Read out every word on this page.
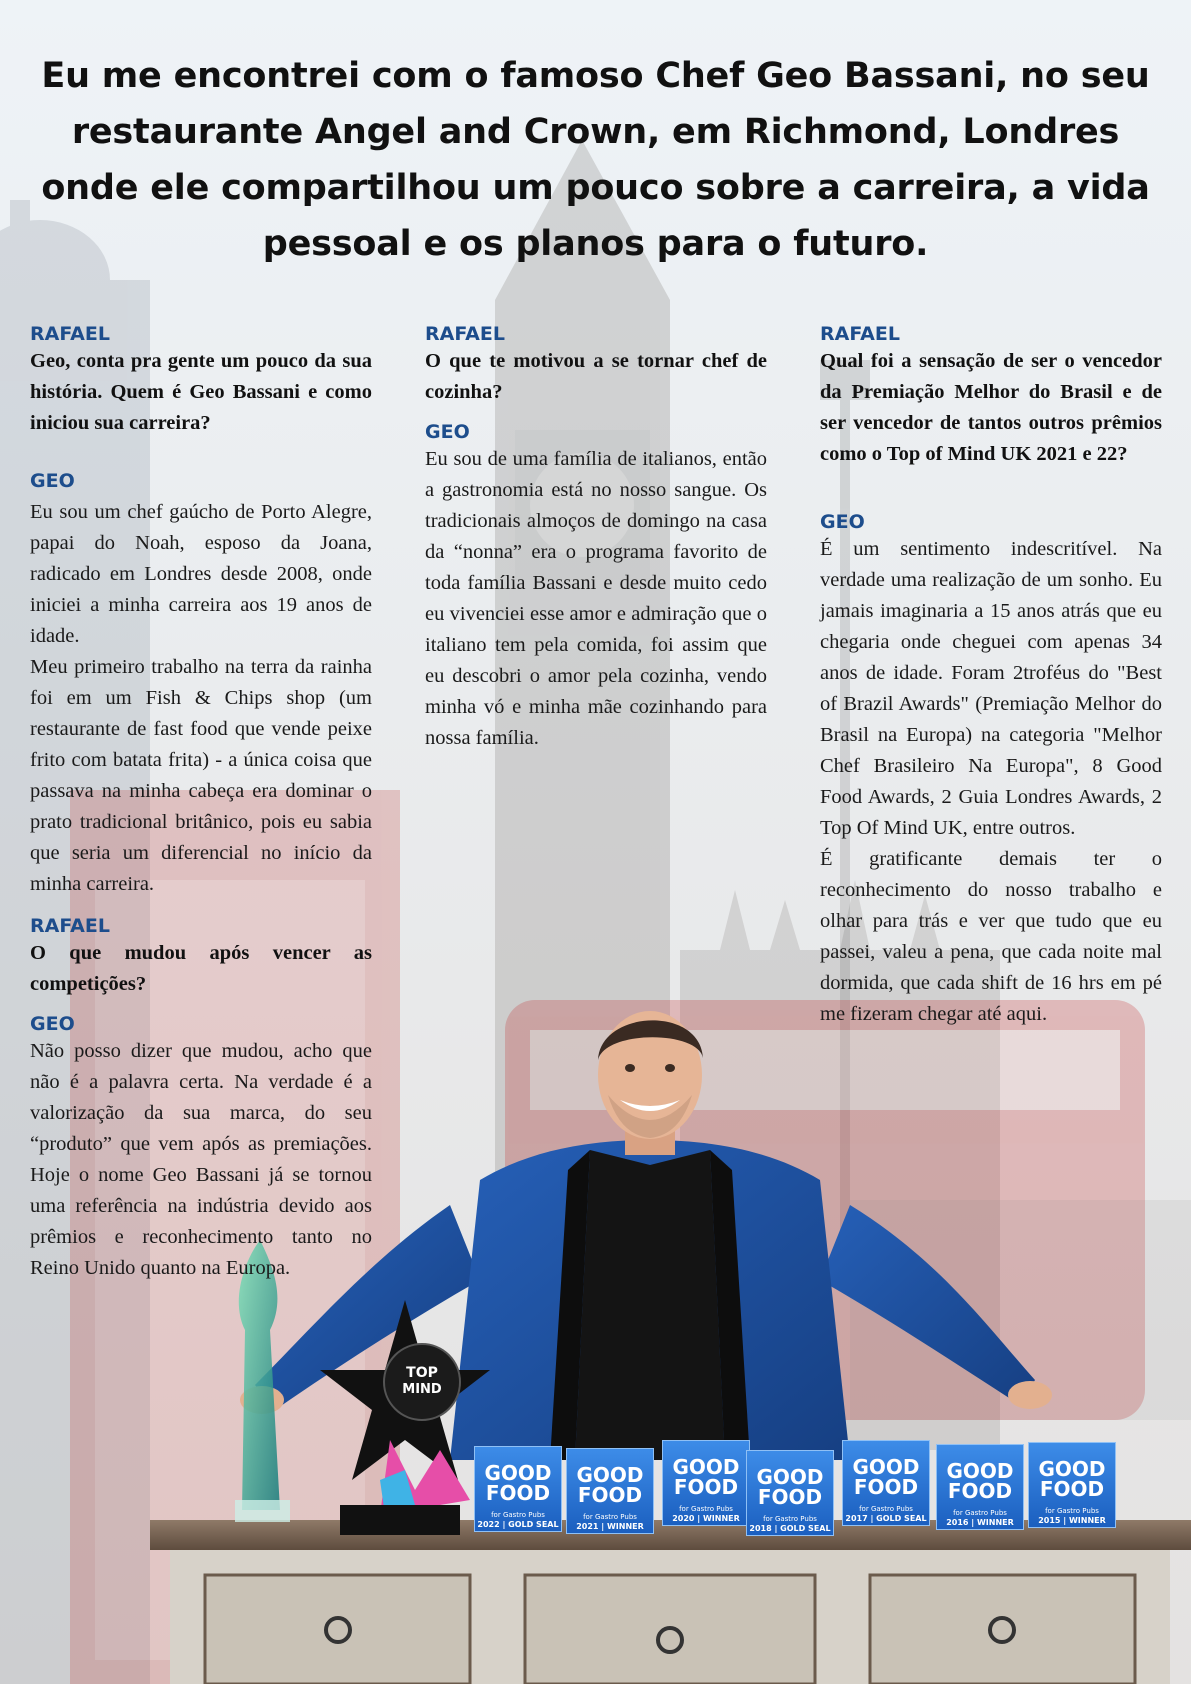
Eu me encontrei com o famoso Chef Geo Bassani, no seu restaurante Angel and Crown, em Richmond, Londres onde ele compartilhou um pouco sobre a carreira, a vida pessoal e os planos para o futuro.

RAFAEL

Geo, conta pra gente um pouco da sua história. Quem é Geo Bassani e como iniciou sua carreira?

GEO

Eu sou um chef gaúcho de Porto Alegre, papai do Noah, esposo da Joana, radicado em Londres desde 2008, onde iniciei a minha carreira aos 19 anos de idade.

Meu primeiro trabalho na terra da rainha foi em um Fish & Chips shop (um restaurante de fast food que vende peixe frito com batata frita) - a única coisa que passava na minha cabeça era dominar o prato tradicional britânico, pois eu sabia que seria um diferencial no início da minha carreira.

RAFAEL

O que mudou após vencer as competições?

GEO

Não posso dizer que mudou, acho que não é a palavra certa. Na verdade é a valorização da sua marca, do seu “produto” que vem após as premiações. Hoje o nome Geo Bassani já se tornou uma referência na indústria devido aos prêmios e reconhecimento tanto no Reino Unido quanto na Europa.

RAFAEL

O que te motivou a se tornar chef de cozinha?

GEO

Eu sou de uma família de italianos, então a gastronomia está no nosso sangue. Os tradicionais almoços de domingo na casa da “nonna” era o programa favorito de toda família Bassani e desde muito cedo eu vivenciei esse amor e admiração que o italiano tem pela comida, foi assim que eu descobri o amor pela cozinha, vendo minha vó e minha mãe cozinhando para nossa família.

RAFAEL

Qual foi a sensação de ser o vencedor da Premiação Melhor do Brasil e de ser vencedor de tantos outros prêmios como o Top of Mind UK 2021 e 22?

GEO

É um sentimento indescritível. Na verdade uma realização de um sonho. Eu jamais imaginaria a 15 anos atrás que eu chegaria onde cheguei com apenas 34 anos de idade. Foram 2troféus do "Best of Brazil Awards" (Premiação Melhor do Brasil na Europa) na categoria "Melhor Chef Brasileiro Na Europa", 8 Good Food Awards, 2 Guia Londres Awards, 2 Top Of Mind UK, entre outros.

É gratificante demais ter o reconhecimento do nosso trabalho e olhar para trás e ver que tudo que eu passei, valeu a pena, que cada noite mal dormida, que cada shift de 16 hrs em pé me fizeram chegar até aqui.

TOP
MIND
GOOD
FOOD
for Gastro Pubs
2022 | GOLD SEAL
GOOD
FOOD
for Gastro Pubs
2021 | WINNER
GOOD
FOOD
for Gastro Pubs
2020 | WINNER
GOOD
FOOD
for Gastro Pubs
2018 | GOLD SEAL
GOOD
FOOD
for Gastro Pubs
2017 | GOLD SEAL
GOOD
FOOD
for Gastro Pubs
2016 | WINNER
GOOD
FOOD
for Gastro Pubs
2015 | WINNER
